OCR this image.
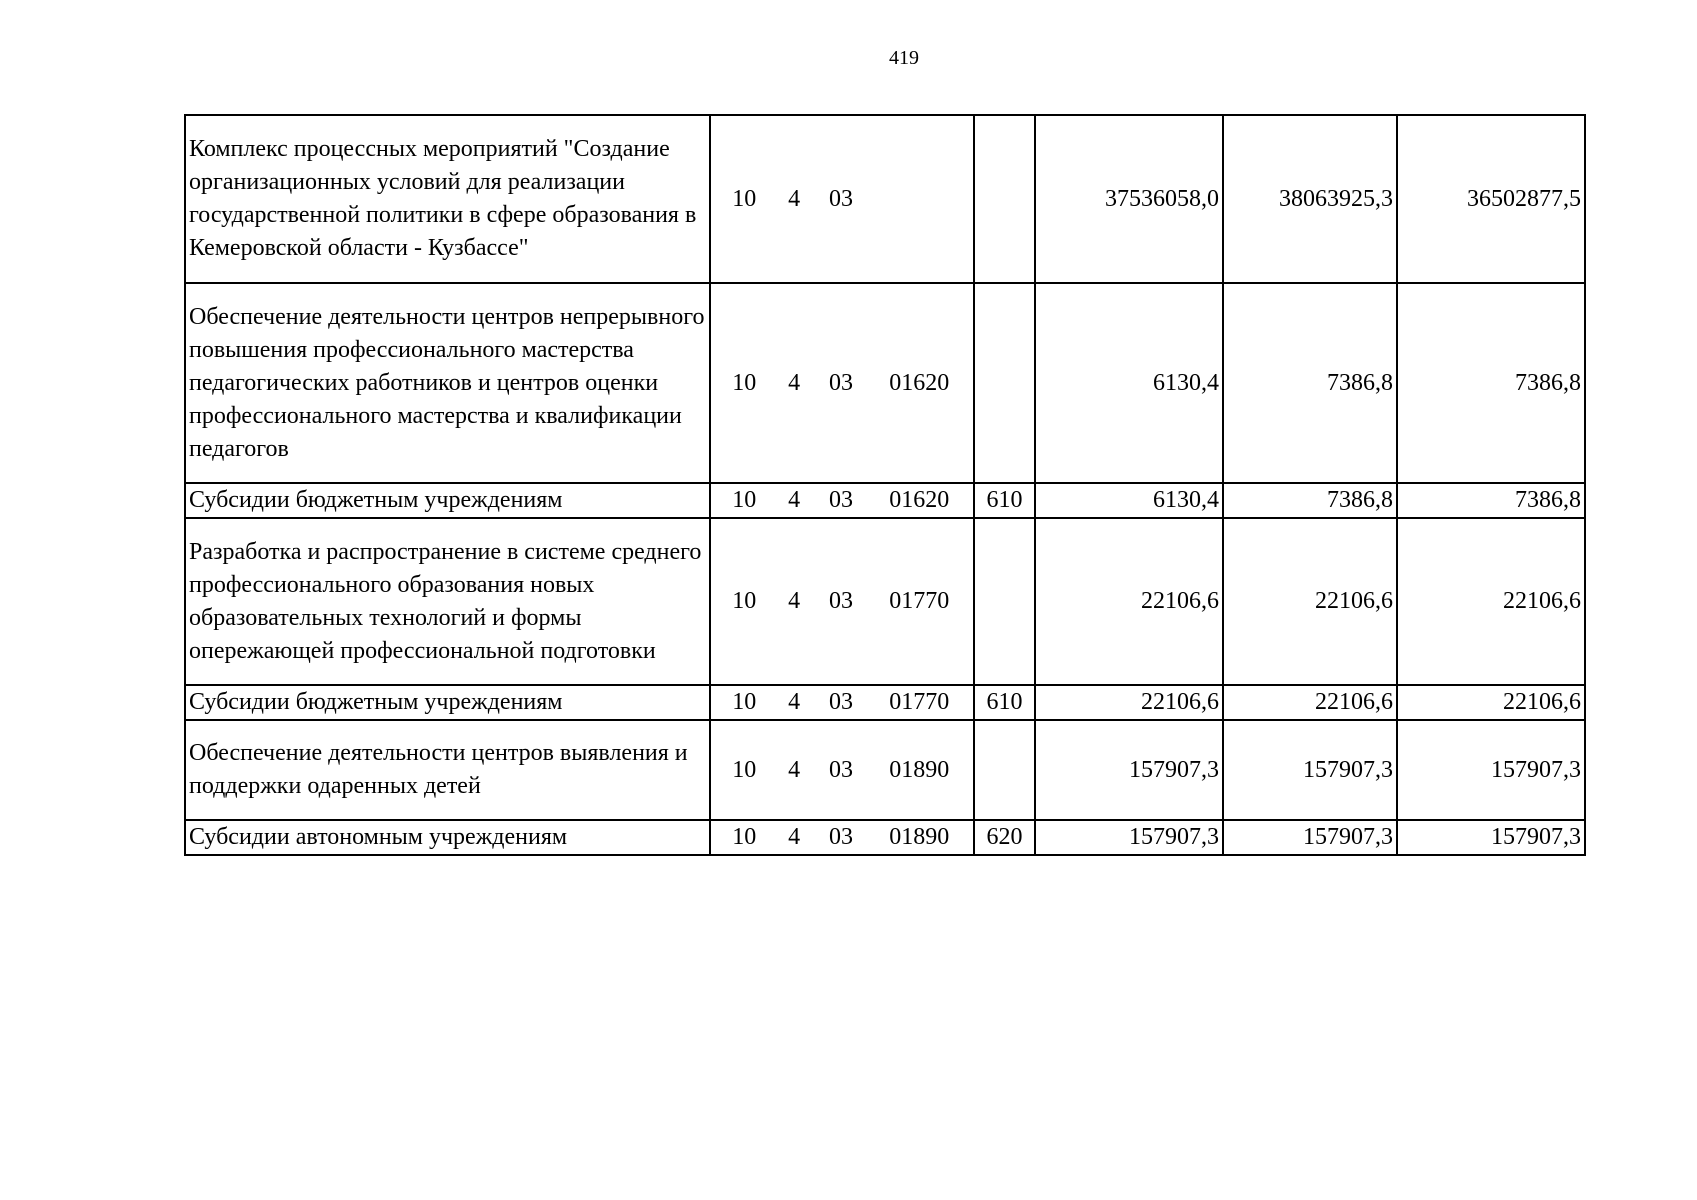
419
Комплекс процессных мероприятий "Создание организационных условий для реализации государственной политики в сфере образования в Кемеровской области - Кузбассе"	10 4 03		37536058,0	38063925,3	36502877,5
Обеспечение деятельности центров непрерывного повышения профессионального мастерства педагогических работников и центров оценки профессионального мастерства и квалификации педагогов	10 4 03 01620		6130,4	7386,8	7386,8
Субсидии бюджетным учреждениям	10 4 03 01620	610	6130,4	7386,8	7386,8
Разработка и распространение в системе среднего профессионального образования новых образовательных технологий и формы опережающей профессиональной подготовки	10 4 03 01770		22106,6	22106,6	22106,6
Субсидии бюджетным учреждениям	10 4 03 01770	610	22106,6	22106,6	22106,6
Обеспечение деятельности центров выявления и поддержки одаренных детей	10 4 03 01890		157907,3	157907,3	157907,3
Субсидии автономным учреждениям	10 4 03 01890	620	157907,3	157907,3	157907,3
